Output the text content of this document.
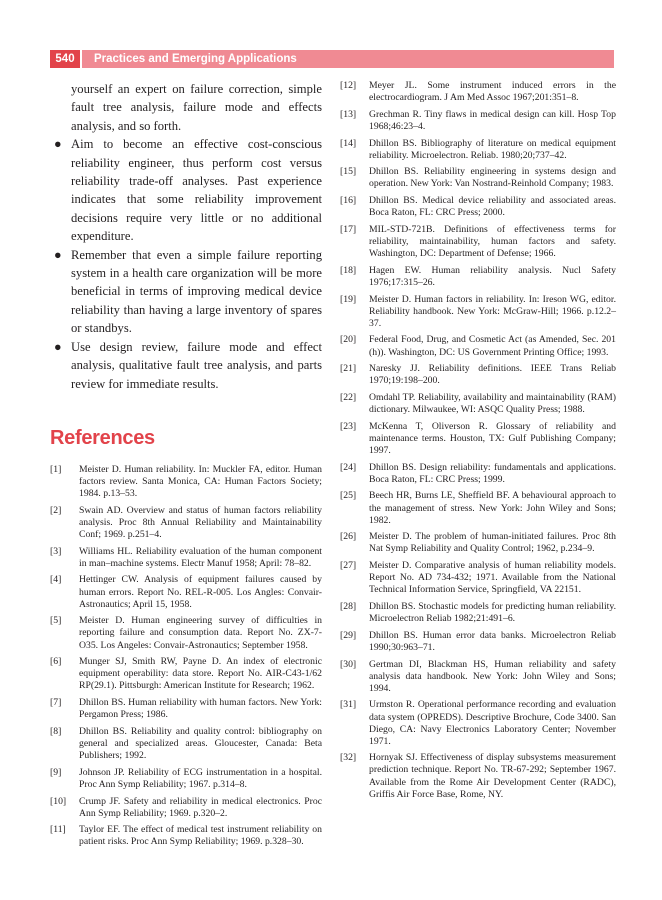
540	Practices and Emerging Applications

yourself an expert on failure correction, simple fault tree analysis, failure mode and effects analysis, and so forth.

● Aim to become an effective cost-conscious reliability engineer, thus perform cost versus reliability trade-off analyses. Past experience indicates that some reliability improvement decisions require very little or no additional expenditure.
● Remember that even a simple failure reporting system in a health care organization will be more beneficial in terms of improving medical device reliability than having a large inventory of spares or standbys.
● Use design review, failure mode and effect analysis, qualitative fault tree analysis, and parts review for immediate results.
References
[1] Meister D. Human reliability. In: Muckler FA, editor. Human factors review. Santa Monica, CA: Human Factors Society; 1984. p.13–53.
[2] Swain AD. Overview and status of human factors reliability analysis. Proc 8th Annual Reliability and Maintainability Conf; 1969. p.251–4.
[3] Williams HL. Reliability evaluation of the human component in man–machine systems. Electr Manuf 1958; April: 78–82.
[4] Hettinger CW. Analysis of equipment failures caused by human errors. Report No. REL-R-005. Los Angles: Convair-Astronautics; April 15, 1958.
[5] Meister D. Human engineering survey of difficulties in reporting failure and consumption data. Report No. ZX-7-O35. Los Angeles: Convair-Astronautics; September 1958.
[6] Munger SJ, Smith RW, Payne D. An index of electronic equipment operability: data store. Report No. AIR-C43-1/62 RP(29.1). Pittsburgh: American Institute for Research; 1962.
[7] Dhillon BS. Human reliability with human factors. New York: Pergamon Press; 1986.
[8] Dhillon BS. Reliability and quality control: bibliography on general and specialized areas. Gloucester, Canada: Beta Publishers; 1992.
[9] Johnson JP. Reliability of ECG instrumentation in a hospital. Proc Ann Symp Reliability; 1967. p.314–8.
[10] Crump JF. Safety and reliability in medical electronics. Proc Ann Symp Reliability; 1969. p.320–2.
[11] Taylor EF. The effect of medical test instrument reliability on patient risks. Proc Ann Symp Reliability; 1969. p.328–30.
[12] Meyer JL. Some instrument induced errors in the electrocardiogram. J Am Med Assoc 1967;201:351–8.
[13] Grechman R. Tiny flaws in medical design can kill. Hosp Top 1968;46:23–4.
[14] Dhillon BS. Bibliography of literature on medical equipment reliability. Microelectron. Reliab. 1980;20;737–42.
[15] Dhillon BS. Reliability engineering in systems design and operation. New York: Van Nostrand-Reinhold Company; 1983.
[16] Dhillon BS. Medical device reliability and associated areas. Boca Raton, FL: CRC Press; 2000.
[17] MIL-STD-721B. Definitions of effectiveness terms for reliability, maintainability, human factors and safety. Washington, DC: Department of Defense; 1966.
[18] Hagen EW. Human reliability analysis. Nucl Safety 1976;17:315–26.
[19] Meister D. Human factors in reliability. In: Ireson WG, editor. Reliability handbook. New York: McGraw-Hill; 1966. p.12.2–37.
[20] Federal Food, Drug, and Cosmetic Act (as Amended, Sec. 201 (h)). Washington, DC: US Government Printing Office; 1993.
[21] Naresky JJ. Reliability definitions. IEEE Trans Reliab 1970;19:198–200.
[22] Omdahl TP. Reliability, availability and maintainability (RAM) dictionary. Milwaukee, WI: ASQC Quality Press; 1988.
[23] McKenna T, Oliverson R. Glossary of reliability and maintenance terms. Houston, TX: Gulf Publishing Company; 1997.
[24] Dhillon BS. Design reliability: fundamentals and applications. Boca Raton, FL: CRC Press; 1999.
[25] Beech HR, Burns LE, Sheffield BF. A behavioural approach to the management of stress. New York: John Wiley and Sons; 1982.
[26] Meister D. The problem of human-initiated failures. Proc 8th Nat Symp Reliability and Quality Control; 1962, p.234–9.
[27] Meister D. Comparative analysis of human reliability models. Report No. AD 734-432; 1971. Available from the National Technical Information Service, Springfield, VA 22151.
[28] Dhillon BS. Stochastic models for predicting human reliability. Microelectron Reliab 1982;21:491–6.
[29] Dhillon BS. Human error data banks. Microelectron Reliab 1990;30:963–71.
[30] Gertman DI, Blackman HS, Human reliability and safety analysis data handbook. New York: John Wiley and Sons; 1994.
[31] Urmston R. Operational performance recording and evaluation data system (OPREDS). Descriptive Brochure, Code 3400. San Diego, CA: Navy Electronics Laboratory Center; November 1971.
[32] Hornyak SJ. Effectiveness of display subsystems measurement prediction technique. Report No. TR-67-292; September 1967. Available from the Rome Air Development Center (RADC), Griffis Air Force Base, Rome, NY.
